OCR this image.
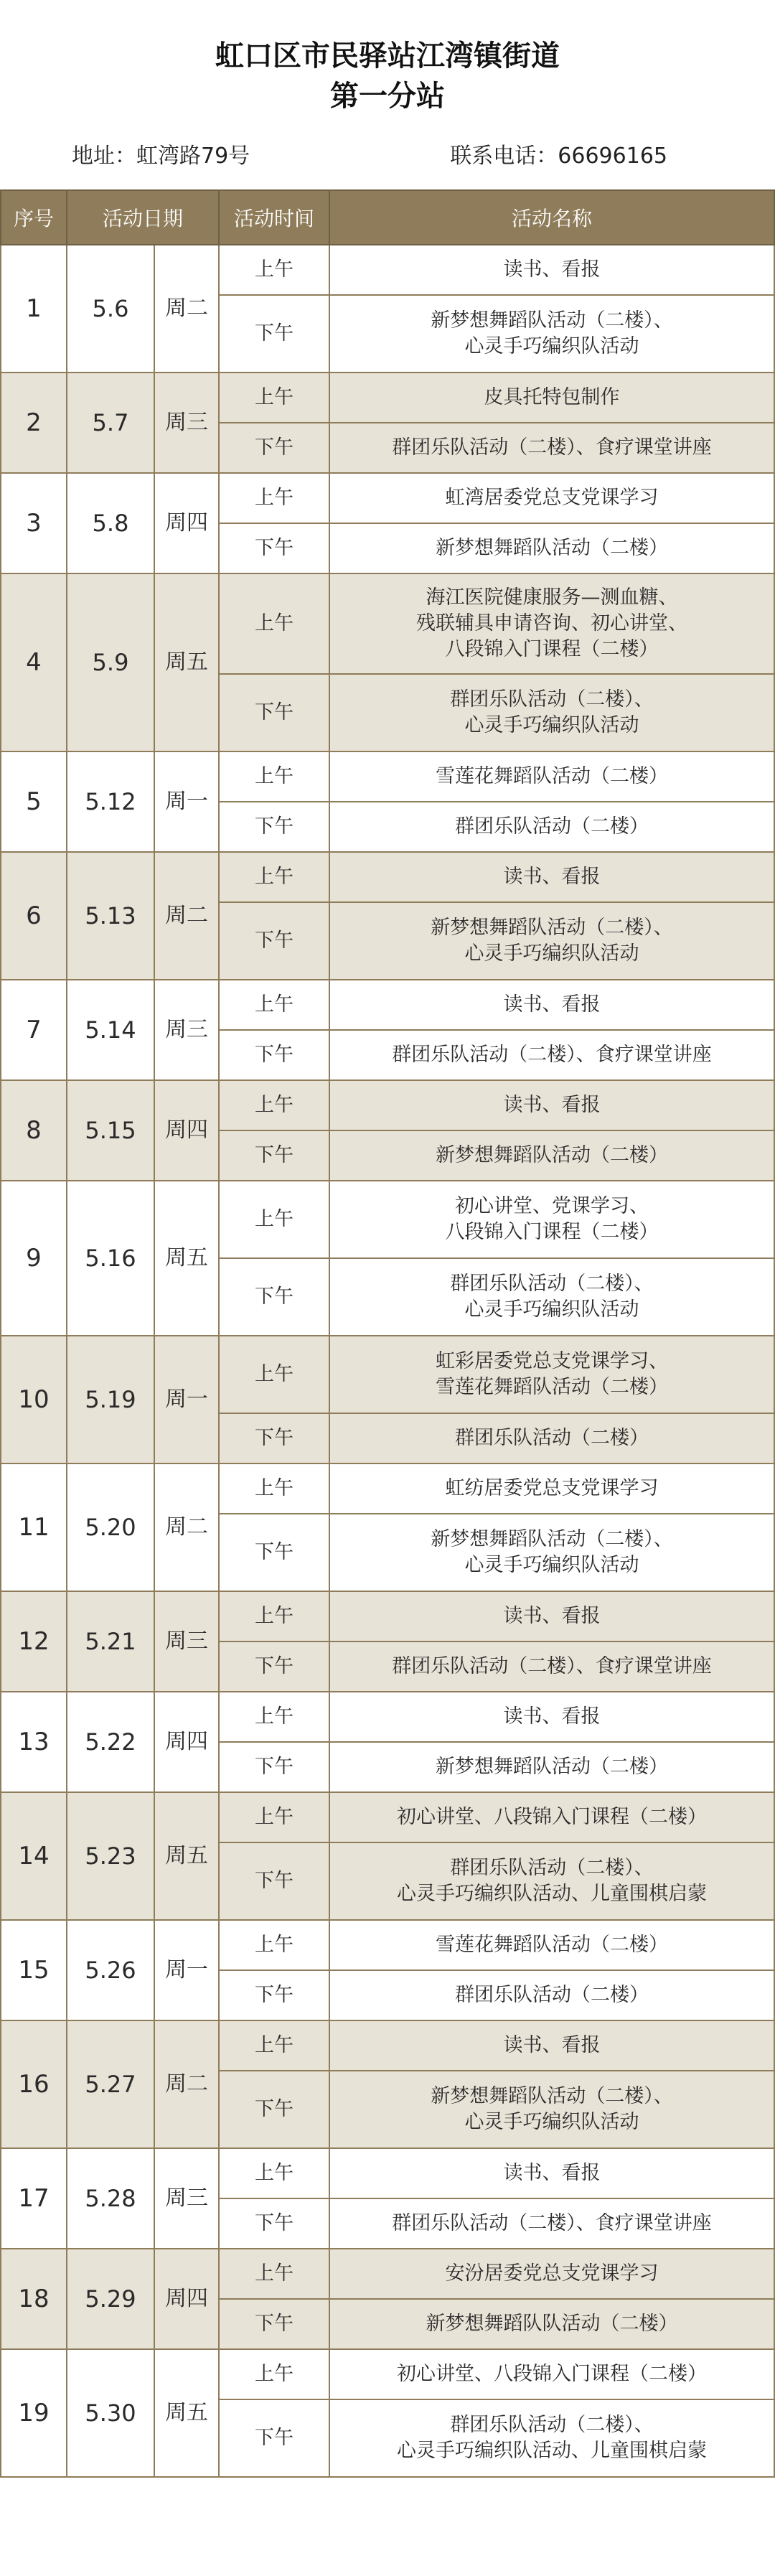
虹口区市民驿站江湾镇街道
第一分站
地址：虹湾路79号	联系电话：66696165
序号	活动日期		活动时间	活动名称
1	5.6	周二	上午	读书、看报
			下午	新梦想舞蹈队活动（二楼）、
心灵手巧编织队活动
2	5.7	周三	上午	皮具托特包制作
			下午	群团乐队活动（二楼）、食疗课堂讲座
3	5.8	周四	上午	虹湾居委党总支党课学习
			下午	新梦想舞蹈队活动（二楼）
4	5.9	周五	上午	海江医院健康服务—测血糖、
残联辅具申请咨询、初心讲堂、
八段锦入门课程（二楼）
			下午	群团乐队活动（二楼）、
心灵手巧编织队活动
5	5.12	周一	上午	雪莲花舞蹈队活动（二楼）
			下午	群团乐队活动（二楼）
6	5.13	周二	上午	读书、看报
			下午	新梦想舞蹈队活动（二楼）、
心灵手巧编织队活动
7	5.14	周三	上午	读书、看报
			下午	群团乐队活动（二楼）、食疗课堂讲座
8	5.15	周四	上午	读书、看报
			下午	新梦想舞蹈队活动（二楼）
9	5.16	周五	上午	初心讲堂、党课学习、
八段锦入门课程（二楼）
			下午	群团乐队活动（二楼）、
心灵手巧编织队活动
10	5.19	周一	上午	虹彩居委党总支党课学习、
雪莲花舞蹈队活动（二楼）
			下午	群团乐队活动（二楼）
11	5.20	周二	上午	虹纺居委党总支党课学习
			下午	新梦想舞蹈队活动（二楼）、
心灵手巧编织队活动
12	5.21	周三	上午	读书、看报
			下午	群团乐队活动（二楼）、食疗课堂讲座
13	5.22	周四	上午	读书、看报
			下午	新梦想舞蹈队活动（二楼）
14	5.23	周五	上午	初心讲堂、八段锦入门课程（二楼）
			下午	群团乐队活动（二楼）、
心灵手巧编织队活动、儿童围棋启蒙
15	5.26	周一	上午	雪莲花舞蹈队活动（二楼）
			下午	群团乐队活动（二楼）
16	5.27	周二	上午	读书、看报
			下午	新梦想舞蹈队活动（二楼）、
心灵手巧编织队活动
17	5.28	周三	上午	读书、看报
			下午	群团乐队活动（二楼）、食疗课堂讲座
18	5.29	周四	上午	安汾居委党总支党课学习
			下午	新梦想舞蹈队队活动（二楼）
19	5.30	周五	上午	初心讲堂、八段锦入门课程（二楼）
			下午	群团乐队活动（二楼）、
心灵手巧编织队活动、儿童围棋启蒙
